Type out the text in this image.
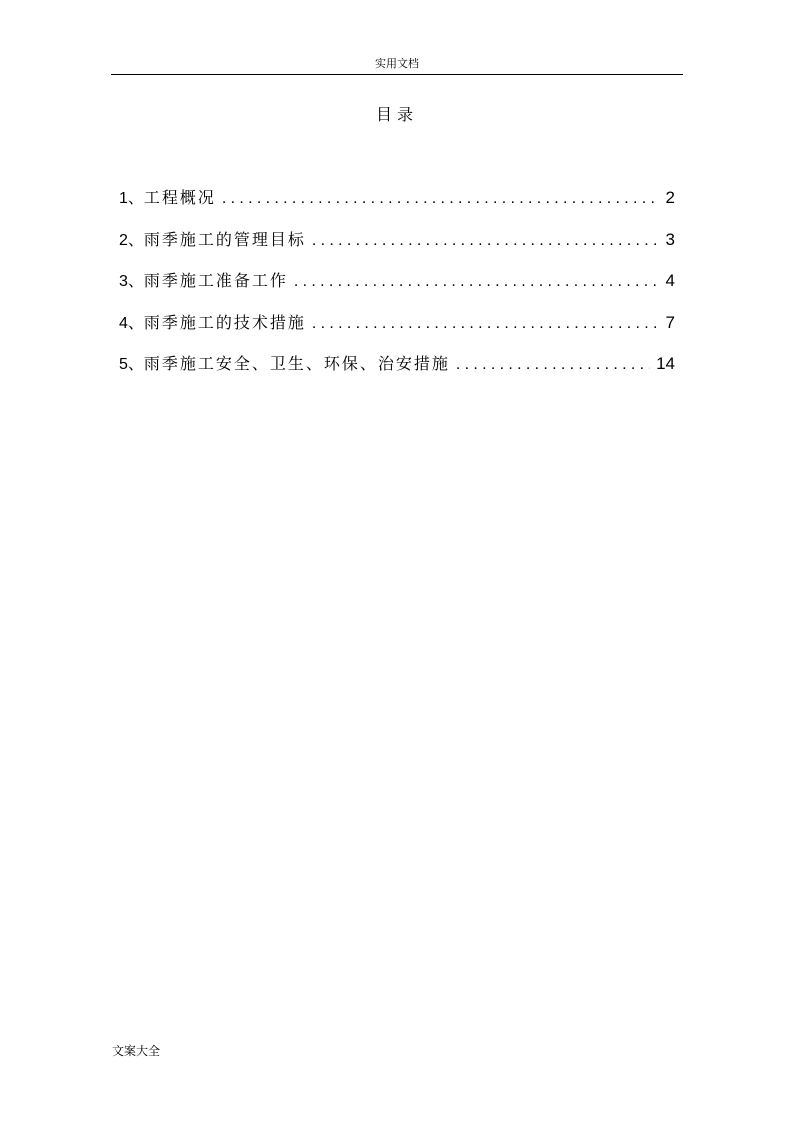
实用文档
目录
1、工程概况 .....	2
2、雨季施工的管理目标 .....	3
3、雨季施工准备工作 .....	4
4、雨季施工的技术措施 .....	7
5、雨季施工安全、卫生、环保、治安措施 .....	14
文案大全
